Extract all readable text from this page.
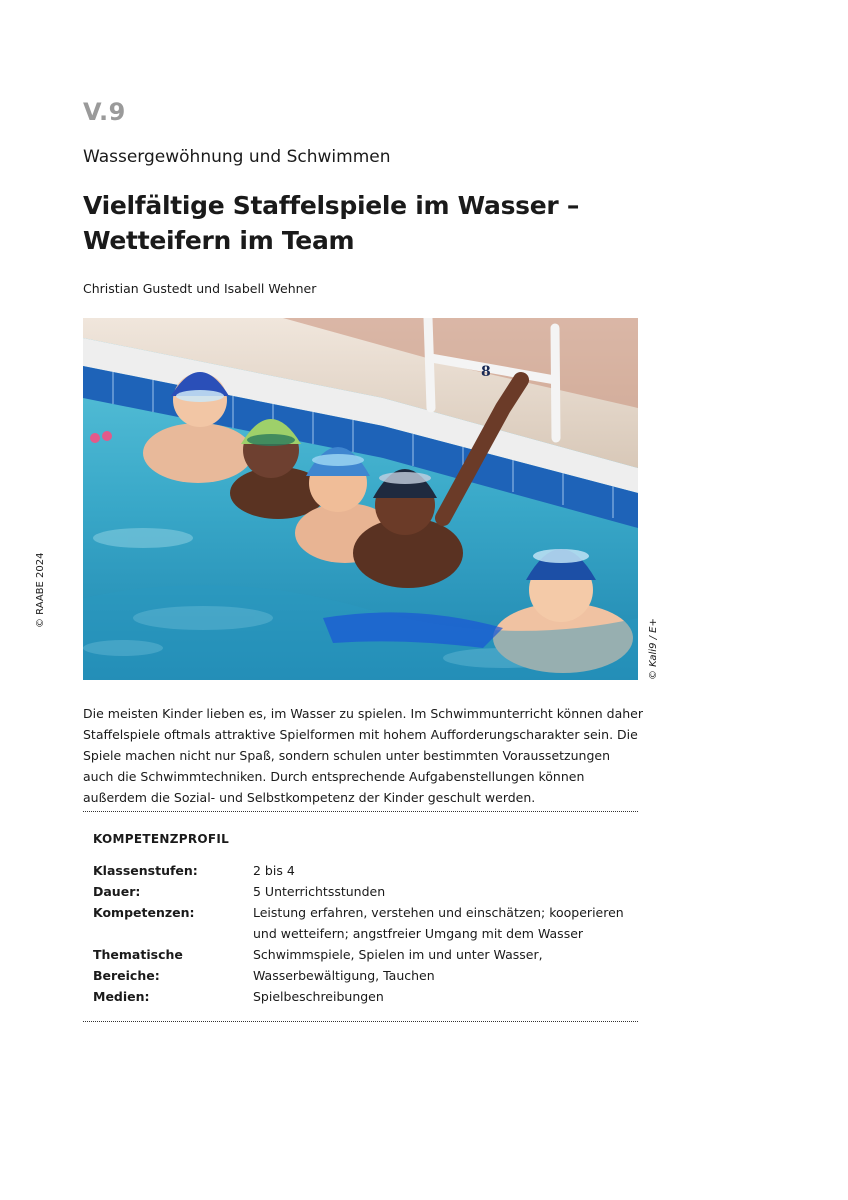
V.9
Wassergewöhnung und Schwimmen
Vielfältige Staffelspiele im Wasser –
Wetteifern im Team
Christian Gustedt und Isabell Wehner
8
© RAABE 2024
© Kali9 / E+

Die meisten Kinder lieben es, im Wasser zu spielen. Im Schwimmunterricht können daher Staffelspiele oftmals attraktive Spielformen mit hohem Aufforderungscharakter sein. Die Spiele machen nicht nur Spaß, sondern schulen unter bestimmten Voraussetzungen auch die Schwimmtechniken. Durch entsprechende Aufgabenstellungen können außerdem die Sozial- und Selbstkompetenz der Kinder geschult werden.

KOMPETENZPROFIL
Klassenstufen:	2 bis 4
Dauer:	5 Unterrichtsstunden
Kompetenzen:	Leistung erfahren, verstehen und einschätzen; kooperieren und wetteifern; angstfreier Umgang mit dem Wasser
Thematische Bereiche:
Schwimmspiele, Spielen im und unter Wasser, Wasserbewältigung, Tauchen
Medien:	Spielbeschreibungen
